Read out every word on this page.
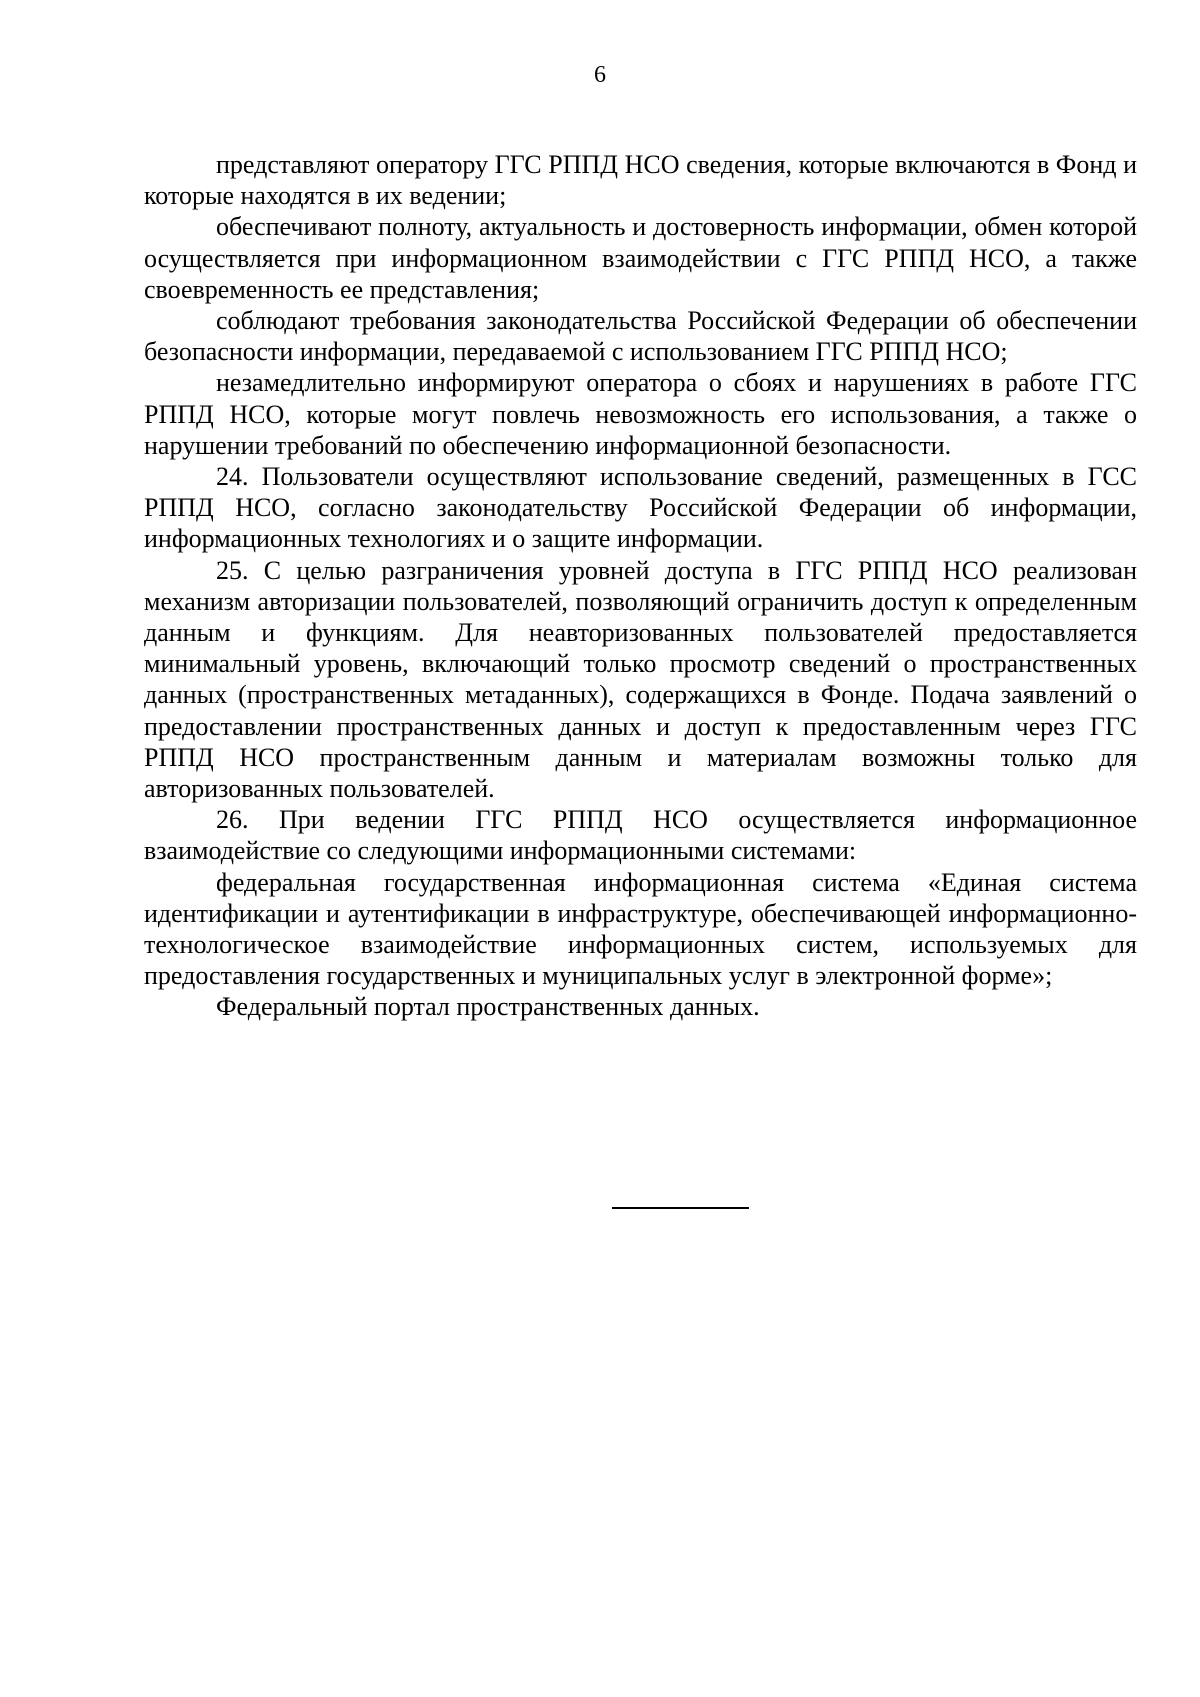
6

представляют оператору ГГС РППД НСО сведения, которые включаются в Фонд и которые находятся в их ведении;

обеспечивают полноту, актуальность и достоверность информации, обмен которой осуществляется при информационном взаимодействии с ГГС РППД НСО, а также своевременность ее представления;

соблюдают требования законодательства Российской Федерации об обеспечении безопасности информации, передаваемой с использованием ГГС РППД НСО;

незамедлительно информируют оператора о сбоях и нарушениях в работе ГГС РППД НСО, которые могут повлечь невозможность его использования, а также о нарушении требований по обеспечению информационной безопасности.

24. Пользователи осуществляют использование сведений, размещенных в ГСС РППД НСО, согласно законодательству Российской Федерации об информации, информационных технологиях и о защите информации.

25. С целью разграничения уровней доступа в ГГС РППД НСО реализован механизм авторизации пользователей, позволяющий ограничить доступ к определенным данным и функциям. Для неавторизованных пользователей предоставляется минимальный уровень, включающий только просмотр сведений о пространственных данных (пространственных метаданных), содержащихся в Фонде. Подача заявлений о предоставлении пространственных данных и доступ к предоставленным через ГГС РППД НСО пространственным данным и материалам возможны только для авторизованных пользователей.

26. При ведении ГГС РППД НСО осуществляется информационное взаимодействие со следующими информационными системами:

федеральная государственная информационная система «Единая система идентификации и аутентификации в инфраструктуре, обеспечивающей информационно-технологическое взаимодействие информационных систем, используемых для предоставления государственных и муниципальных услуг в электронной форме»;

Федеральный портал пространственных данных.
